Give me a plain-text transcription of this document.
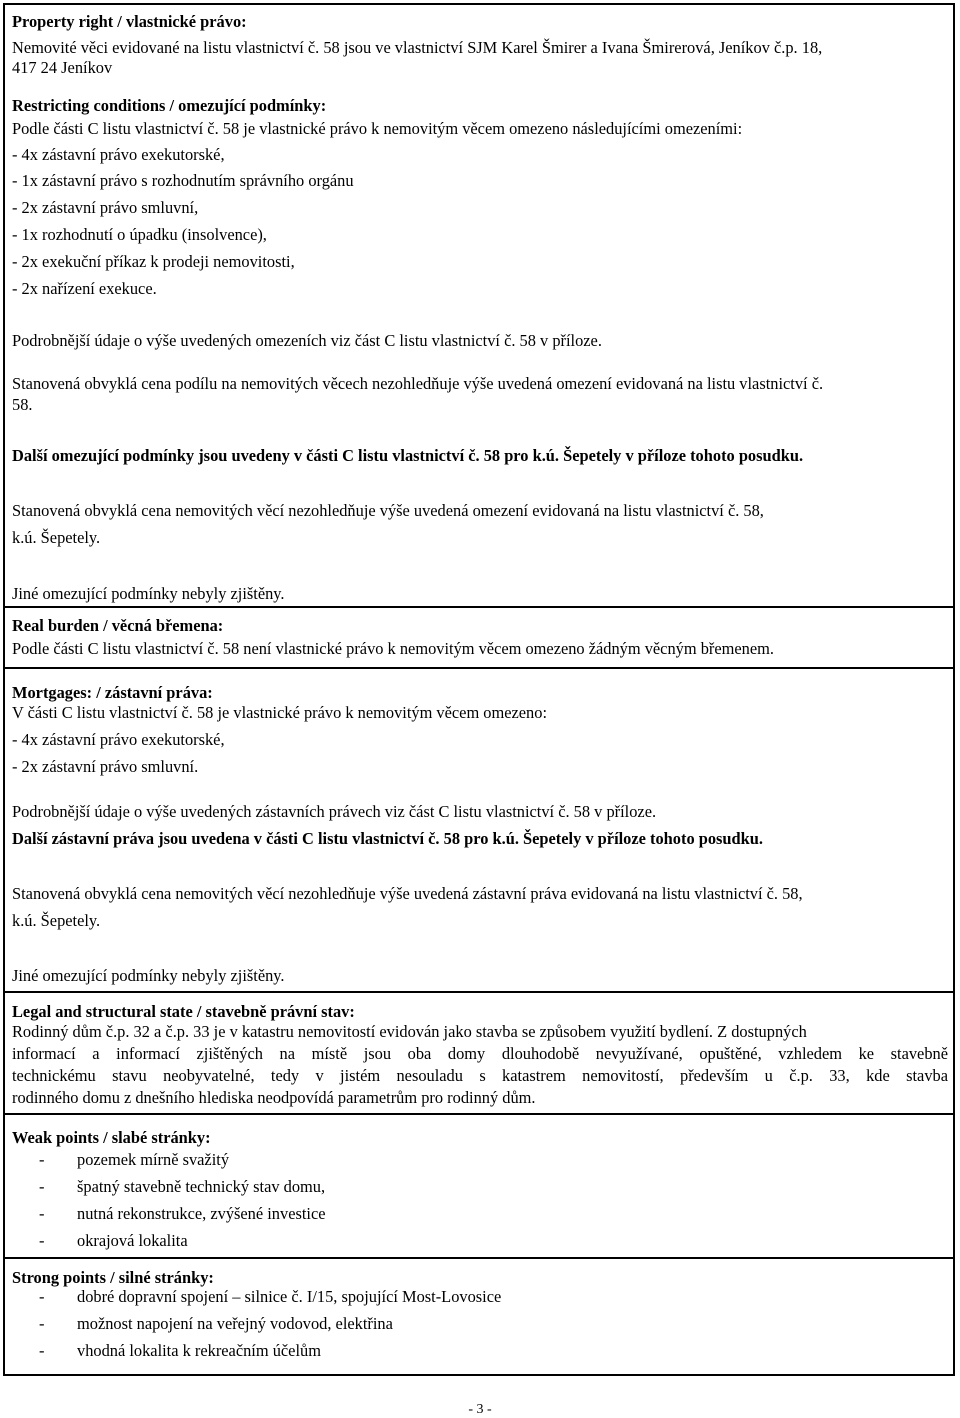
Property right / vlastnické právo:
Nemovité věci evidované na listu vlastnictví č. 58 jsou ve vlastnictví SJM Karel Šmirer a Ivana Šmirerová, Jeníkov č.p. 18,
417 24 Jeníkov
Restricting conditions / omezující podmínky:
Podle části C listu vlastnictví č. 58 je vlastnické právo k nemovitým věcem omezeno následujícími omezeními:
- 4x zástavní právo exekutorské,
- 1x zástavní právo s rozhodnutím správního orgánu
- 2x zástavní právo smluvní,
- 1x rozhodnutí o úpadku (insolvence),
- 2x exekuční příkaz k prodeji nemovitosti,
- 2x nařízení exekuce.
Podrobnější údaje o výše uvedených omezeních viz část C listu vlastnictví č. 58 v příloze.
Stanovená obvyklá cena podílu na nemovitých věcech nezohledňuje výše uvedená omezení evidovaná na listu vlastnictví č.
58.
Další omezující podmínky jsou uvedeny v části C listu vlastnictví č. 58 pro k.ú. Šepetely v příloze tohoto posudku.
Stanovená obvyklá cena nemovitých věcí nezohledňuje výše uvedená omezení evidovaná na listu vlastnictví č. 58,
k.ú. Šepetely.
Jiné omezující podmínky nebyly zjištěny.
Real burden / věcná břemena:
Podle části C listu vlastnictví č. 58 není vlastnické právo k nemovitým věcem omezeno žádným věcným břemenem.
Mortgages: / zástavní práva:
V části C listu vlastnictví č. 58 je vlastnické právo k nemovitým věcem omezeno:
- 4x zástavní právo exekutorské,
- 2x zástavní právo smluvní.
Podrobnější údaje o výše uvedených zástavních právech viz část C listu vlastnictví č. 58 v příloze.
Další zástavní práva jsou uvedena v části C listu vlastnictví č. 58 pro k.ú. Šepetely v příloze tohoto posudku.
Stanovená obvyklá cena nemovitých věcí nezohledňuje výše uvedená zástavní práva evidovaná na listu vlastnictví č. 58,
k.ú. Šepetely.
Jiné omezující podmínky nebyly zjištěny.
Legal and structural state / stavebně právní stav:
Rodinný dům č.p. 32 a č.p. 33 je v katastru nemovitostí evidován jako stavba se způsobem využití bydlení. Z dostupných
informací a informací zjištěných na místě jsou oba domy dlouhodobě nevyužívané, opuštěné, vzhledem ke stavebně
technickému stavu neobyvatelné, tedy v jistém nesouladu s katastrem nemovitostí, především u č.p. 33, kde stavba
rodinného domu z dnešního hlediska neodpovídá parametrům pro rodinný dům.
Weak points / slabé stránky:
- pozemek mírně svažitý
- špatný stavebně technický stav domu,
- nutná rekonstrukce, zvýšené investice
- okrajová lokalita
Strong points / silné stránky:
- dobré dopravní spojení – silnice č. I/15, spojující Most-Lovosice
- možnost napojení na veřejný vodovod, elektřina
- vhodná lokalita k rekreačním účelům
- 3 -
